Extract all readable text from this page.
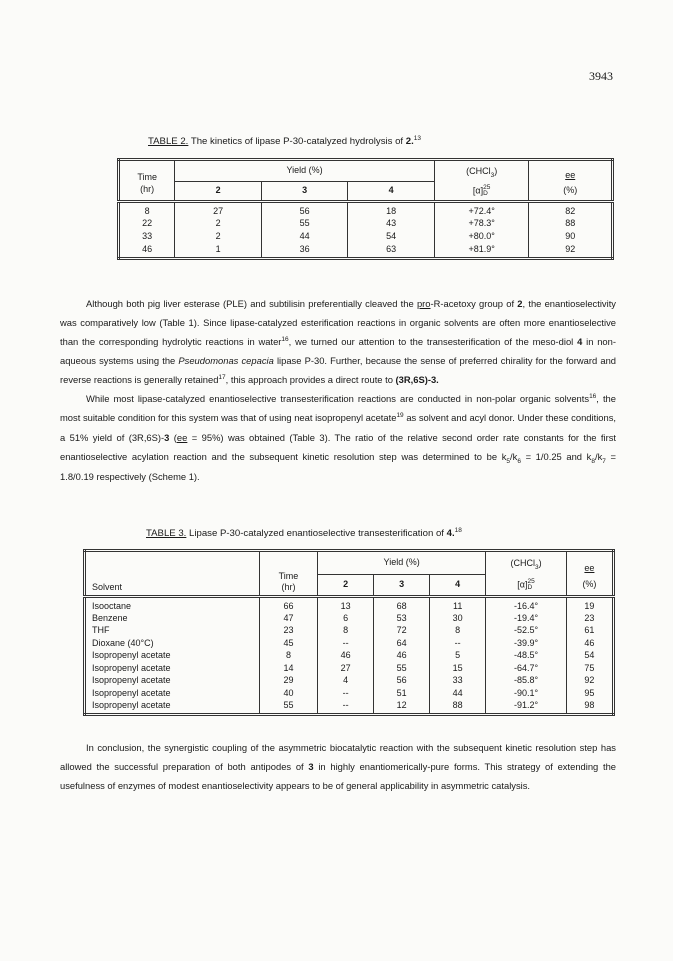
3943
TABLE 2. The kinetics of lipase P-30-catalyzed hydrolysis of 2.13
Time
(hr)	Yield (%)			(CHCl$_3$)	ee
	2	3	4	[α] 25
D	(%)
8	27	56	18	+72.4°	82
22	2	55	43	+78.3°	88
33	2	44	54	+80.0°	90
46	1	36	63	+81.9°	92

Although both pig liver esterase (PLE) and subtilisin preferentially cleaved the pro-R-acetoxy group of 2, the enantioselectivity was comparatively low (Table 1). Since lipase-catalyzed esterification reactions in organic solvents are often more enantioselective than the corresponding hydrolytic reactions in water$^{16}$, we turned our attention to the transesterification of the meso-diol 4 in non-aqueous systems using the Pseudomonas cepacia lipase P-30. Further, because the sense of preferred chirality for the forward and reverse reactions is generally retained$^{17}$, this approach provides a direct route to (3R,6S)-3.

While most lipase-catalyzed enantioselective transesterification reactions are conducted in non-polar organic solvents$^{16}$, the most suitable condition for this system was that of using neat isopropenyl acetate$^{19}$ as solvent and acyl donor. Under these conditions, a 51% yield of (3R,6S)-3 (ee = 95%) was obtained (Table 3). The ratio of the relative second order rate constants for the first enantioselective acylation reaction and the subsequent kinetic resolution step was determined to be $k_5/k_6 = 1/0.25$ and $k_8/k_7 = 1.8/0.19$ respectively (Scheme 1).

TABLE 3. Lipase P-30-catalyzed enantioselective transesterification of 4.18
Solvent	Time
(hr)	Yield (%)			(CHCl$_3$)	ee
		2	3	4	[α] 25
D	(%)
Isooctane	66	13	68	11	-16.4°	19
Benzene	47	6	53	30	-19.4°	23
THF	23	8	72	8	-52.5°	61
Dioxane (40°C)	45	--	64	--	-39.9°	46
Isopropenyl acetate	8	46	46	5	-48.5°	54
Isopropenyl acetate	14	27	55	15	-64.7°	75
Isopropenyl acetate	29	4	56	33	-85.8°	92
Isopropenyl acetate	40	--	51	44	-90.1°	95
Isopropenyl acetate	55	--	12	88	-91.2°	98

In conclusion, the synergistic coupling of the asymmetric biocatalytic reaction with the subsequent kinetic resolution step has allowed the successful preparation of both antipodes of 3 in highly enantiomerically-pure forms. This strategy of extending the usefulness of enzymes of modest enantioselectivity appears to be of general applicability in asymmetric catalysis.
